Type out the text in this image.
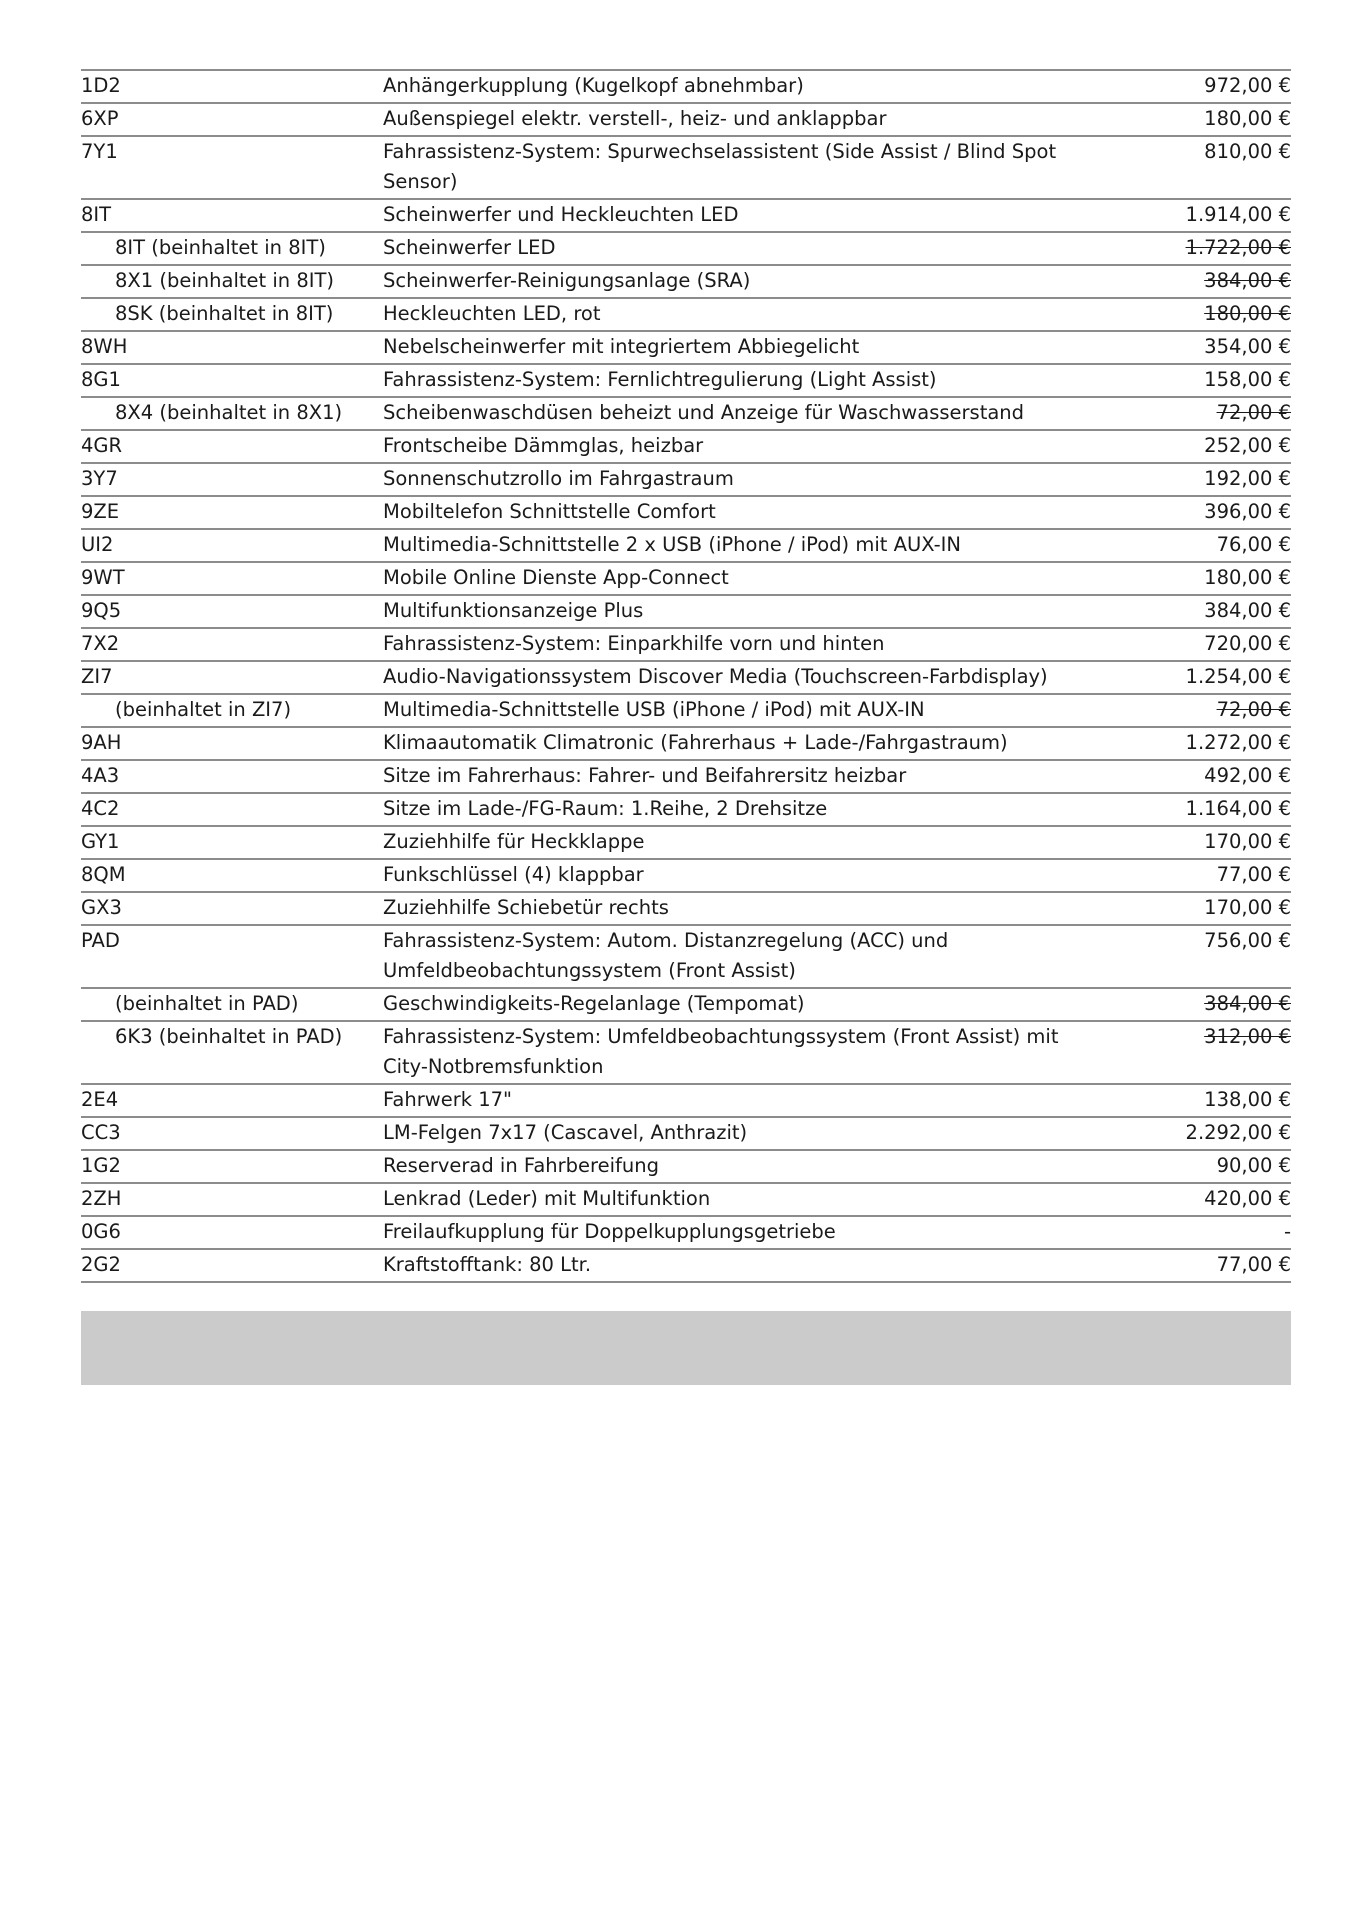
1D2	Anhängerkupplung (Kugelkopf abnehmbar)	972,00 €
6XP	Außenspiegel elektr. verstell-, heiz- und anklappbar	180,00 €
7Y1	Fahrassistenz-System: Spurwechselassistent (Side Assist / Blind Spot Sensor)	810,00 €
8IT	Scheinwerfer und Heckleuchten LED	1.914,00 €
8IT (beinhaltet in 8IT)	Scheinwerfer LED	1.722,00 €
8X1 (beinhaltet in 8IT)	Scheinwerfer-Reinigungsanlage (SRA)	384,00 €
8SK (beinhaltet in 8IT)	Heckleuchten LED, rot	180,00 €
8WH	Nebelscheinwerfer mit integriertem Abbiegelicht	354,00 €
8G1	Fahrassistenz-System: Fernlichtregulierung (Light Assist)	158,00 €
8X4 (beinhaltet in 8X1)	Scheibenwaschdüsen beheizt und Anzeige für Waschwasserstand	72,00 €
4GR	Frontscheibe Dämmglas, heizbar	252,00 €
3Y7	Sonnenschutzrollo im Fahrgastraum	192,00 €
9ZE	Mobiltelefon Schnittstelle Comfort	396,00 €
UI2	Multimedia-Schnittstelle 2 x USB (iPhone / iPod) mit AUX-IN	76,00 €
9WT	Mobile Online Dienste App-Connect	180,00 €
9Q5	Multifunktionsanzeige Plus	384,00 €
7X2	Fahrassistenz-System: Einparkhilfe vorn und hinten	720,00 €
ZI7	Audio-Navigationssystem Discover Media (Touchscreen-Farbdisplay)	1.254,00 €
(beinhaltet in ZI7)	Multimedia-Schnittstelle USB (iPhone / iPod) mit AUX-IN	72,00 €
9AH	Klimaautomatik Climatronic (Fahrerhaus + Lade-/Fahrgastraum)	1.272,00 €
4A3	Sitze im Fahrerhaus: Fahrer- und Beifahrersitz heizbar	492,00 €
4C2	Sitze im Lade-/FG-Raum: 1.Reihe, 2 Drehsitze	1.164,00 €
GY1	Zuziehhilfe für Heckklappe	170,00 €
8QM	Funkschlüssel (4) klappbar	77,00 €
GX3	Zuziehhilfe Schiebetür rechts	170,00 €
PAD	Fahrassistenz-System: Autom. Distanzregelung (ACC) und Umfeldbeobachtungssystem (Front Assist)	756,00 €
(beinhaltet in PAD)	Geschwindigkeits-Regelanlage (Tempomat)	384,00 €
6K3 (beinhaltet in PAD)	Fahrassistenz-System: Umfeldbeobachtungssystem (Front Assist) mit City-Notbremsfunktion	312,00 €
2E4	Fahrwerk 17"	138,00 €
CC3	LM-Felgen 7x17 (Cascavel, Anthrazit)	2.292,00 €
1G2	Reserverad in Fahrbereifung	90,00 €
2ZH	Lenkrad (Leder) mit Multifunktion	420,00 €
0G6	Freilaufkupplung für Doppelkupplungsgetriebe	-
2G2	Kraftstofftank: 80 Ltr.	77,00 €
